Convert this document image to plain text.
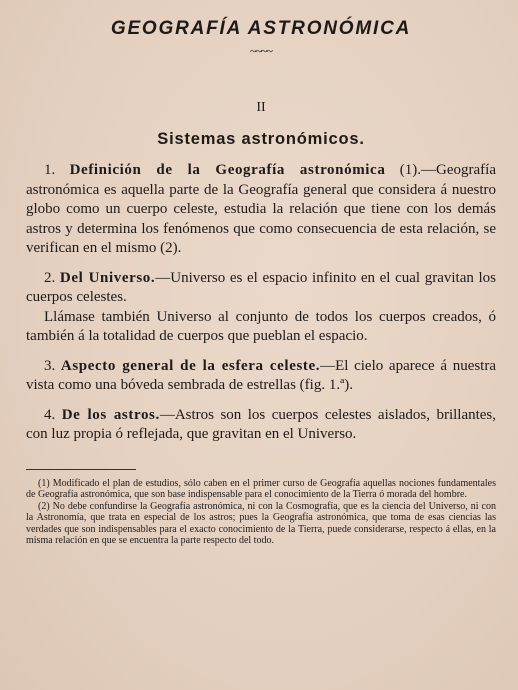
GEOGRAFÍA ASTRONÓMICA
~~~~
II
Sistemas astronómicos.

1. Definición de la Geografía astronómica (1).—Geografía astronómica es aquella parte de la Geografía general que considera á nuestro globo como un cuerpo celeste, estudia la relación que tiene con los demás astros y determina los fenómenos que como consecuencia de esta relación, se verifican en el mismo (2).

2. Del Universo.—Universo es el espacio infinito en el cual gravitan los cuerpos celestes.

Llámase también Universo al conjunto de todos los cuerpos creados, ó también á la totalidad de cuerpos que pueblan el espacio.

3. Aspecto general de la esfera celeste.—El cielo aparece á nuestra vista como una bóveda sembrada de estrellas (fig. 1.ª).

4. De los astros.—Astros son los cuerpos celestes aislados, brillantes, con luz propia ó reflejada, que gravitan en el Universo.

(1) Modificado el plan de estudios, sólo caben en el primer curso de Geografía aquellas nociones fundamentales de Geografía astronómica, que son base indispensable para el conocimiento de la Tierra ó morada del hombre.

(2) No debe confundirse la Geografía astronómica, ni con la Cosmografía, que es la ciencia del Universo, ni con la Astronomía, que trata en especial de los astros; pues la Geografía astronómica, que toma de esas ciencias las verdades que son indispensables para el exacto conocimiento de la Tierra, puede considerarse, respecto á ellas, en la misma relación en que se encuentra la parte respecto del todo.
